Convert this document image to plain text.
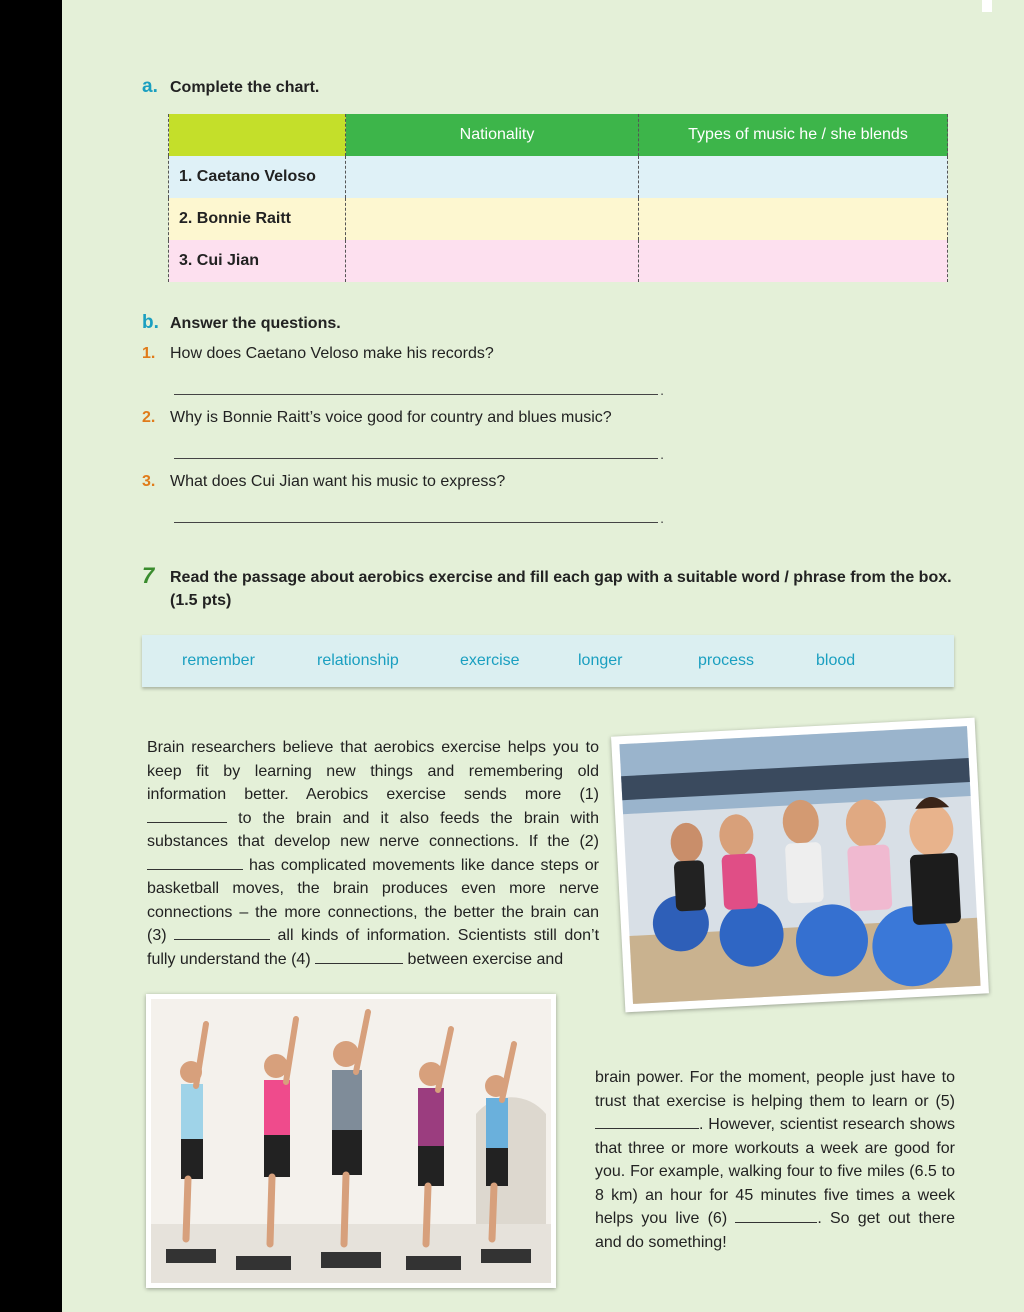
a. Complete the chart.
	Nationality	Types of music he / she blends
1. Caetano Veloso		
2. Bonnie Raitt		
3. Cui Jian		
b. Answer the questions.
1. How does Caetano Veloso make his records?
.
2. Why is Bonnie Raitt’s voice good for country and blues music?
.
3. What does Cui Jian want his music to express?
.
7 Read the passage about aerobics exercise and fill each gap with a suitable word / phrase from the box. (1.5 pts)
remember	relationship	exercise	longer	process	blood
Brain researchers believe that aerobics exercise helps you to keep fit by learning new things and remembering old information better. Aerobics exercise sends more (1)  to the brain and it also feeds the brain with substances that develop new nerve connections. If the (2) has complicated movements like dance steps or basketball moves, the brain produces even more nerve connections – the more connections, the better the brain can (3)	all kinds of information. Scientists still don’t fully understand the (4)	between exercise and
brain power. For the moment, people just have to trust that exercise is helping them to learn or (5) . However, scientist research shows that three or more workouts a week are good for you. For example, walking four to five miles (6.5 to 8 km) an hour for 45 minutes five times a week helps you live (6)	. So get out there and do something!
